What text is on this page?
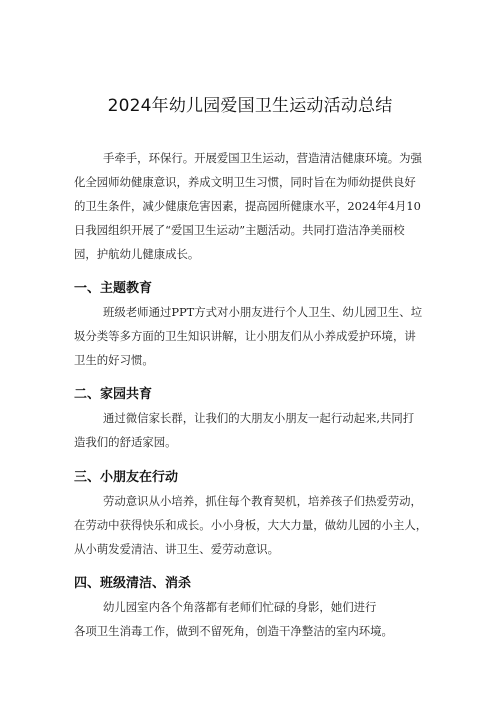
2024年幼儿园爱国卫生运动活动总结
手牵手，环保行。开展爱国卫生运动，营造清洁健康环境。为强
化全园师幼健康意识，养成文明卫生习惯，同时旨在为师幼提供良好
的卫生条件，减少健康危害因素，提高园所健康水平，2024年4月10
日我园组织开展了“爱国卫生运动”主题活动。共同打造洁净美丽校
园，护航幼儿健康成长。
一、主题教育
班级老师通过PPT方式对小朋友进行个人卫生、幼儿园卫生、垃
圾分类等多方面的卫生知识讲解，让小朋友们从小养成爱护环境，讲
卫生的好习惯。
二、家园共育
通过微信家长群，让我们的大朋友小朋友一起行动起来,共同打
造我们的舒适家园。
三、小朋友在行动
劳动意识从小培养，抓住每个教育契机，培养孩子们热爱劳动，
在劳动中获得快乐和成长。小小身板，大大力量，做幼儿园的小主人，
从小萌发爱清洁、讲卫生、爱劳动意识。
四、班级清洁、消杀
幼儿园室内各个角落都有老师们忙碌的身影，她们进行
各项卫生消毒工作，做到不留死角，创造干净整洁的室内环境。
